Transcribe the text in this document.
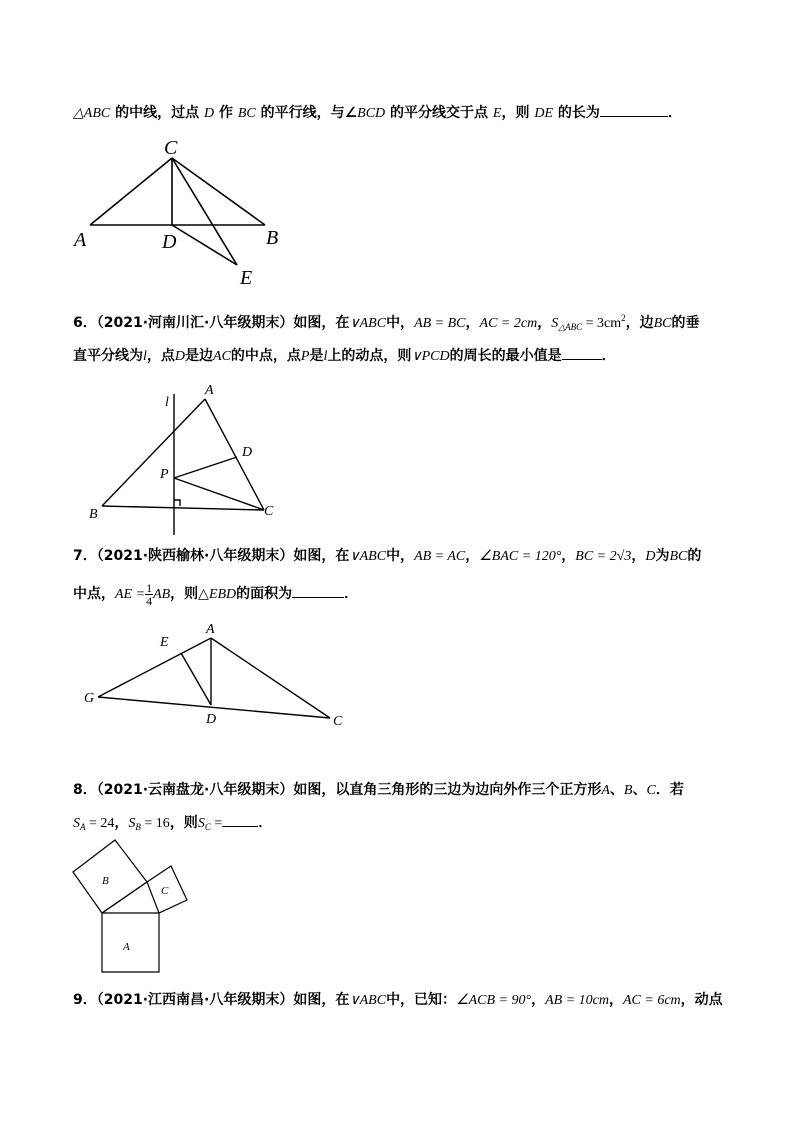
△ABC 的中线，过点 D 作 BC 的平行线，与∠BCD 的平分线交于点 E，则 DE 的长为	．
C
A	D	B
E
6．（2021·河南川汇·八年级期末）如图，在∨ABC中，AB = BC，AC = 2cm，$S_{\triangle ABC} = 3cm^2$，边BC的垂
直平分线为l，点D是边AC的中点，点P是l上的动点，则∨PCD的周长的最小值是	．
l
A
D
P
B	C
7．（2021·陕西榆林·八年级期末）如图，在∨ABC中，AB = AC，∠BAC = 120°，BC = 2√3，D为BC的
中点，AE = $\frac{1}{4}$ AB，则△EBD的面积为	．
E
A
G
D	C
8．（2021·云南盘龙·八年级期末）如图，以直角三角形的三边为边向外作三个正方形A、B、C．若
$S_A = 24$，$S_B = 16$，则$S_C$ =	．
B
C
A
9．（2021·江西南昌·八年级期末）如图，在∨ABC中，已知：∠ACB = 90°，AB = 10cm，AC = 6cm，动点
